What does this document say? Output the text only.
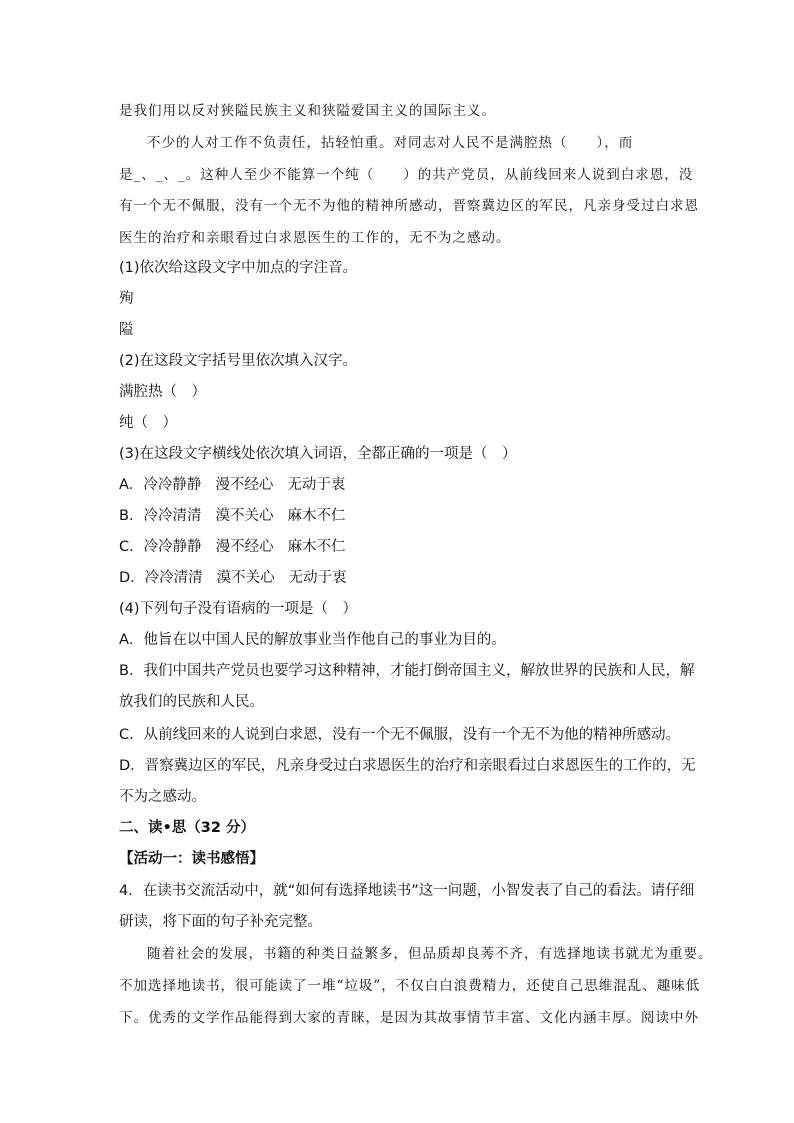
是我们用以反对狭隘民族主义和狭隘爱国主义的国际主义。
不少的人对工作不负责任，拈轻怕重。对同志对人民不是满腔热（　　），而
是_、_、_。这种人至少不能算一个纯（　　）的共产党员，从前线回来人说到白求恩，没
有一个无不佩服，没有一个无不为他的精神所感动，晋察冀边区的军民，凡亲身受过白求恩
医生的治疗和亲眼看过白求恩医生的工作的，无不为之感动。
(1)依次给这段文字中加点的字注音。
殉
隘
(2)在这段文字括号里依次填入汉字。
满腔热（　）
纯（　）
(3)在这段文字横线处依次填入词语，全都正确的一项是（　）
A．冷冷静静 漫不经心 无动于衷
B．冷冷清清 漠不关心 麻木不仁
C．冷冷静静 漫不经心 麻木不仁
D．冷冷清清 漠不关心 无动于衷
(4)下列句子没有语病的一项是（　）
A．他旨在以中国人民的解放事业当作他自己的事业为目的。
B．我们中国共产党员也要学习这种精神，才能打倒帝国主义，解放世界的民族和人民，解
放我们的民族和人民。
C．从前线回来的人说到白求恩，没有一个无不佩服，没有一个无不为他的精神所感动。
D．晋察冀边区的军民，凡亲身受过白求恩医生的治疗和亲眼看过白求恩医生的工作的，无
不为之感动。
二、读•思（32 分）
【活动一：读书感悟】
4．在读书交流活动中，就“如何有选择地读书”这一问题，小智发表了自己的看法。请仔细
研读，将下面的句子补充完整。
随着社会的发展，书籍的种类日益繁多，但品质却良莠不齐，有选择地读书就尤为重要。
不加选择地读书，很可能读了一堆“垃圾”，不仅白白浪费精力，还使自己思维混乱、趣味低
下。优秀的文学作品能得到大家的青睐，是因为其故事情节丰富、文化内涵丰厚。阅读中外
